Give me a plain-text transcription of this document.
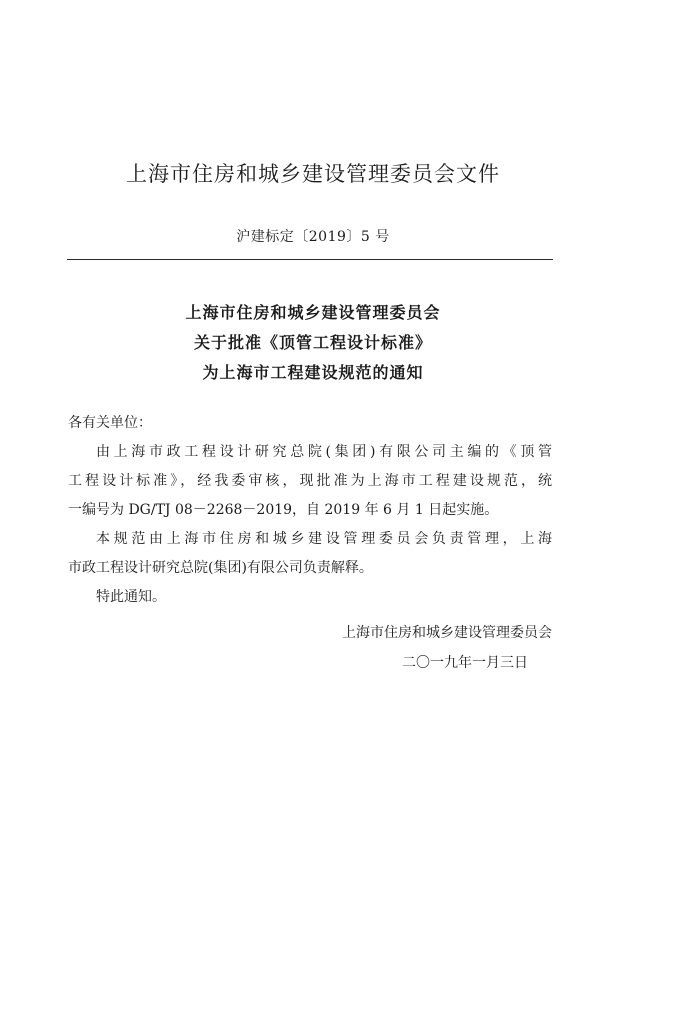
上海市住房和城乡建设管理委员会文件
沪建标定〔2019〕5 号
上海市住房和城乡建设管理委员会
关于批准《顶管工程设计标准》
为上海市工程建设规范的通知
各有关单位：
由上海市政工程设计研究总院(集团)有限公司主编的《顶管
工程设计标准》，经我委审核，现批准为上海市工程建设规范，统
一编号为 DG/TJ 08－2268－2019，自 2019 年 6 月 1 日起实施。
本规范由上海市住房和城乡建设管理委员会负责管理，上海
市政工程设计研究总院(集团)有限公司负责解释。
特此通知。
上海市住房和城乡建设管理委员会
二〇一九年一月三日
